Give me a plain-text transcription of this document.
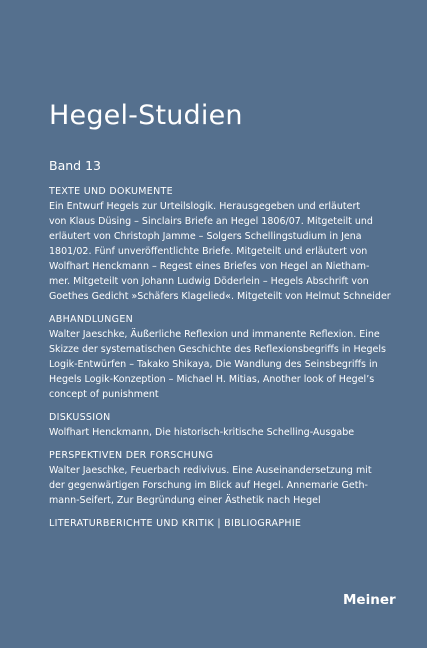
Hegel-Studien
Band 13
TEXTE UND DOKUMENTE
Ein Entwurf Hegels zur Urteilslogik. Herausgegeben und erläutert
von Klaus Düsing – Sinclairs Briefe an Hegel 1806/07. Mitgeteilt und
erläutert von Christoph Jamme – Solgers Schellingstudium in Jena
1801/02. Fünf unveröffentlichte Briefe. Mitgeteilt und erläutert von
Wolfhart Henckmann – Regest eines Briefes von Hegel an Nietham-
mer. Mitgeteilt von Johann Ludwig Döderlein – Hegels Abschrift von
Goethes Gedicht »Schäfers Klagelied«. Mitgeteilt von Helmut Schneider
ABHANDLUNGEN
Walter Jaeschke, Äußerliche Reflexion und immanente Reflexion. Eine
Skizze der systematischen Geschichte des Reflexionsbegriffs in Hegels
Logik-Entwürfen – Takako Shikaya, Die Wandlung des Seinsbegriffs in
Hegels Logik-Konzeption – Michael H. Mitias, Another look of Hegel’s
concept of punishment
DISKUSSION
Wolfhart Henckmann, Die historisch-kritische Schelling-Ausgabe
PERSPEKTIVEN DER FORSCHUNG
Walter Jaeschke, Feuerbach redivivus. Eine Auseinandersetzung mit
der gegenwärtigen Forschung im Blick auf Hegel. Annemarie Geth-
mann-Seifert, Zur Begründung einer Ästhetik nach Hegel
LITERATURBERICHTE UND KRITIK | BIBLIOGRAPHIE
Meiner
